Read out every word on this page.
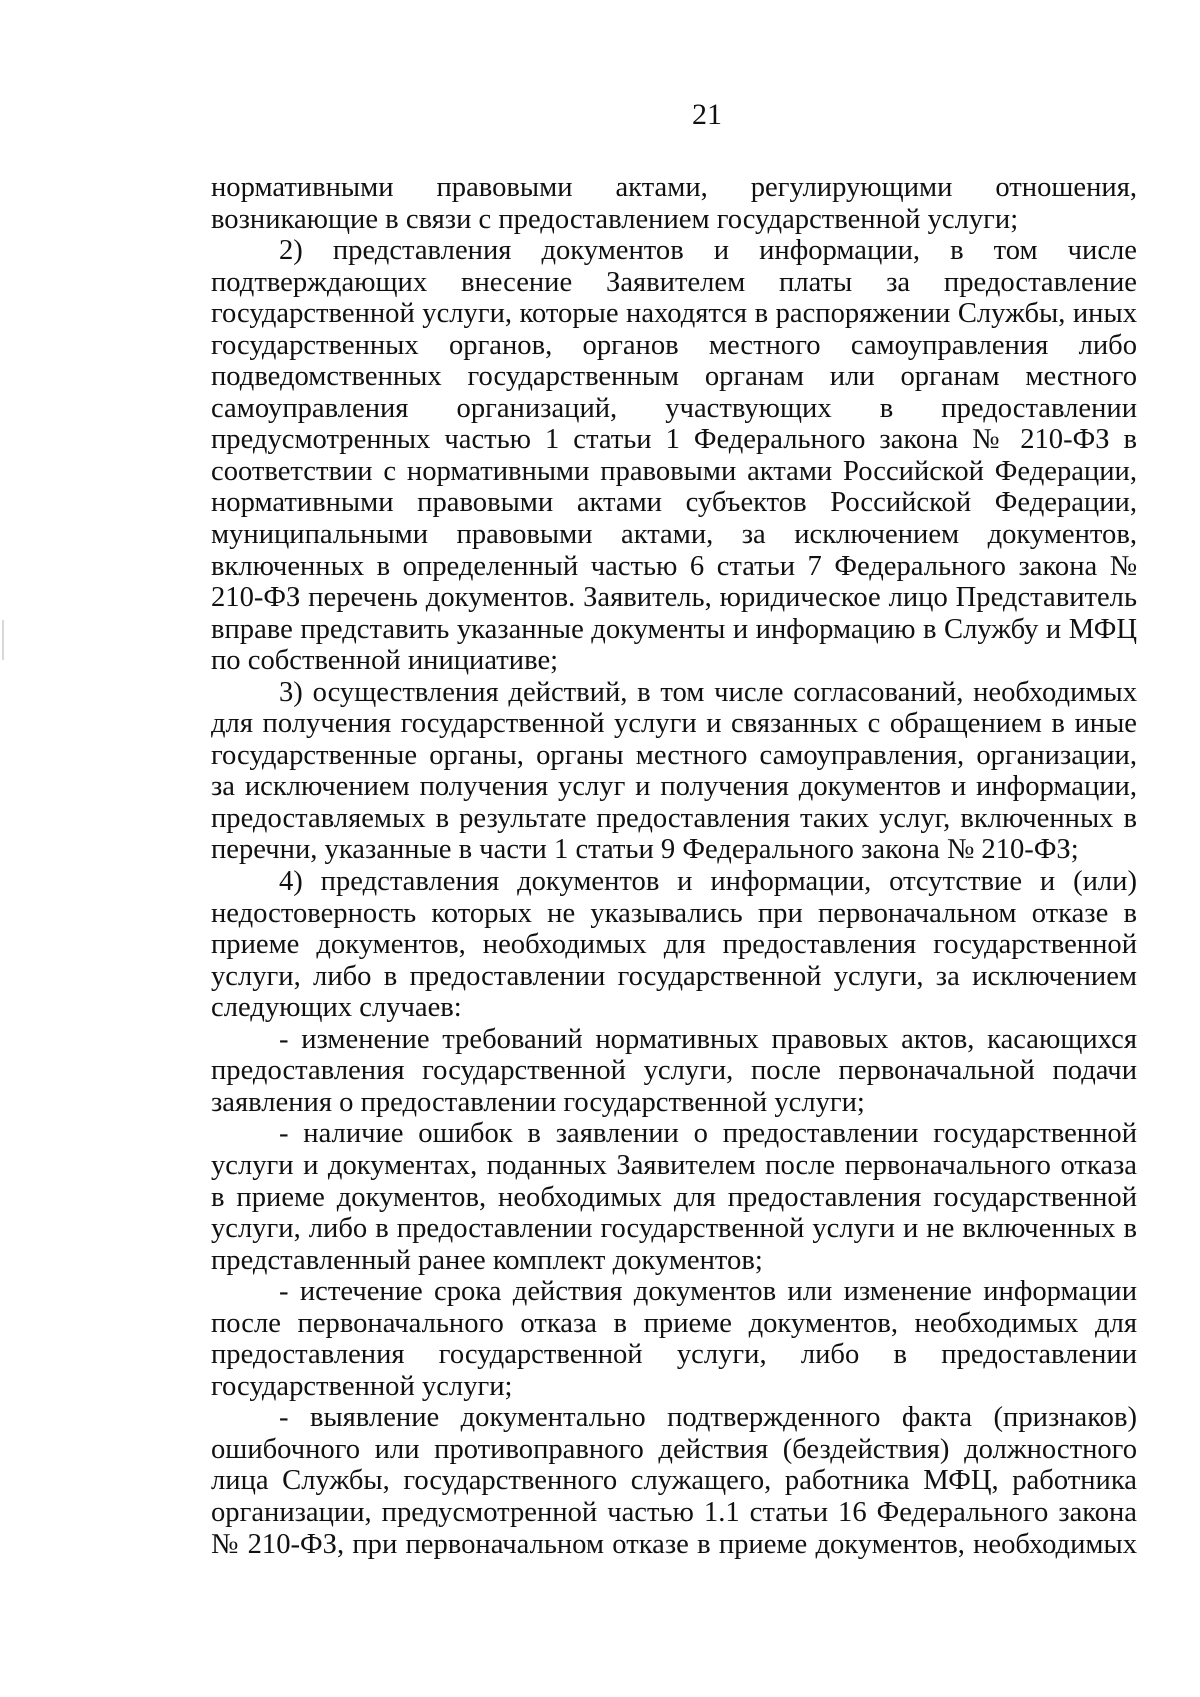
21

нормативными правовыми актами, регулирующими отношения, возникающие в связи с предоставлением государственной услуги;

2) представления документов и информации, в том числе подтверждающих внесение Заявителем платы за предоставление государственной услуги, которые находятся в распоряжении Службы, иных государственных органов, органов местного самоуправления либо подведомственных государственным органам или органам местного самоуправления организаций, участвующих в предоставлении предусмотренных частью 1 статьи 1 Федерального закона № 210-ФЗ в соответствии с нормативными правовыми актами Российской Федерации, нормативными правовыми актами субъектов Российской Федерации, муниципальными правовыми актами, за исключением документов, включенных в определенный частью 6 статьи 7 Федерального закона № 210-ФЗ перечень документов. Заявитель, юридическое лицо Представитель вправе представить указанные документы и информацию в Службу и МФЦ по собственной инициативе;

3) осуществления действий, в том числе согласований, необходимых для получения государственной услуги и связанных с обращением в иные государственные органы, органы местного самоуправления, организации, за исключением получения услуг и получения документов и информации, предоставляемых в результате предоставления таких услуг, включенных в перечни, указанные в части 1 статьи 9 Федерального закона № 210-ФЗ;

4) представления документов и информации, отсутствие и (или) недостоверность которых не указывались при первоначальном отказе в приеме документов, необходимых для предоставления государственной услуги, либо в предоставлении государственной услуги, за исключением следующих случаев:

- изменение требований нормативных правовых актов, касающихся предоставления государственной услуги, после первоначальной подачи заявления о предоставлении государственной услуги;

- наличие ошибок в заявлении о предоставлении государственной услуги и документах, поданных Заявителем после первоначального отказа в приеме документов, необходимых для предоставления государственной услуги, либо в предоставлении государственной услуги и не включенных в представленный ранее комплект документов;

- истечение срока действия документов или изменение информации после первоначального отказа в приеме документов, необходимых для предоставления государственной услуги, либо в предоставлении государственной услуги;

- выявление документально подтвержденного факта (признаков) ошибочного или противоправного действия (бездействия) должностного лица Службы, государственного служащего, работника МФЦ, работника организации, предусмотренной частью 1.1 статьи 16 Федерального закона № 210-ФЗ, при первоначальном отказе в приеме документов, необходимых
